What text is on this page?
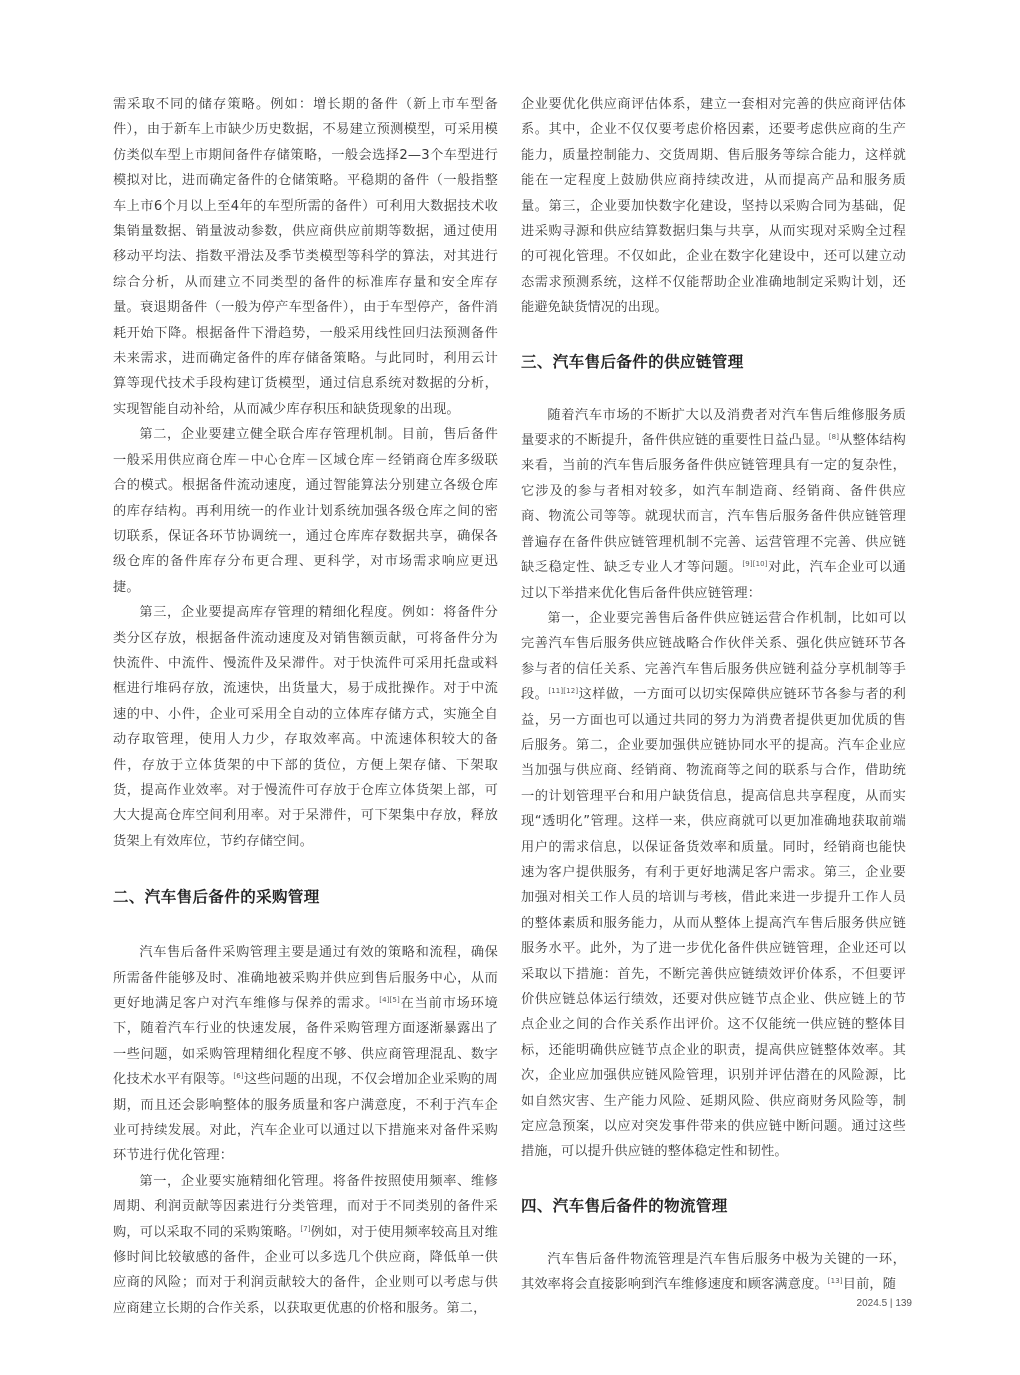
需采取不同的储存策略。例如：增长期的备件（新上市车型备件），由于新车上市缺少历史数据，不易建立预测模型，可采用模仿类似车型上市期间备件存储策略，一般会选择2—3个车型进行模拟对比，进而确定备件的仓储策略。平稳期的备件（一般指整车上市6个月以上至4年的车型所需的备件）可利用大数据技术收集销量数据、销量波动参数，供应商供应前期等数据，通过使用移动平均法、指数平滑法及季节类模型等科学的算法，对其进行综合分析，从而建立不同类型的备件的标准库存量和安全库存量。衰退期备件（一般为停产车型备件），由于车型停产，备件消耗开始下降。根据备件下滑趋势，一般采用线性回归法预测备件未来需求，进而确定备件的库存储备策略。与此同时，利用云计算等现代技术手段构建订货模型，通过信息系统对数据的分析，实现智能自动补给，从而减少库存积压和缺货现象的出现。

第二，企业要建立健全联合库存管理机制。目前，售后备件一般采用供应商仓库－中心仓库－区域仓库－经销商仓库多级联合的模式。根据备件流动速度，通过智能算法分别建立各级仓库的库存结构。再利用统一的作业计划系统加强各级仓库之间的密切联系，保证各环节协调统一，通过仓库库存数据共享，确保各级仓库的备件库存分布更合理、更科学，对市场需求响应更迅捷。

第三，企业要提高库存管理的精细化程度。例如：将备件分类分区存放，根据备件流动速度及对销售额贡献，可将备件分为快流件、中流件、慢流件及呆滞件。对于快流件可采用托盘或料框进行堆码存放，流速快，出货量大，易于成批操作。对于中流速的中、小件，企业可采用全自动的立体库存储方式，实施全自动存取管理，使用人力少，存取效率高。中流速体积较大的备件，存放于立体货架的中下部的货位，方便上架存储、下架取货，提高作业效率。对于慢流件可存放于仓库立体货架上部，可大大提高仓库空间利用率。对于呆滞件，可下架集中存放，释放货架上有效库位，节约存储空间。

二、汽车售后备件的采购管理

汽车售后备件采购管理主要是通过有效的策略和流程，确保所需备件能够及时、准确地被采购并供应到售后服务中心，从而更好地满足客户对汽车维修与保养的需求。[4][5]在当前市场环境下，随着汽车行业的快速发展，备件采购管理方面逐渐暴露出了一些问题，如采购管理精细化程度不够、供应商管理混乱、数字化技术水平有限等。[6]这些问题的出现，不仅会增加企业采购的周期，而且还会影响整体的服务质量和客户满意度，不利于汽车企业可持续发展。对此，汽车企业可以通过以下措施来对备件采购环节进行优化管理：

第一，企业要实施精细化管理。将备件按照使用频率、维修周期、利润贡献等因素进行分类管理，而对于不同类别的备件采购，可以采取不同的采购策略。[7]例如，对于使用频率较高且对维修时间比较敏感的备件，企业可以多选几个供应商，降低单一供应商的风险；而对于利润贡献较大的备件，企业则可以考虑与供应商建立长期的合作关系，以获取更优惠的价格和服务。第二，

企业要优化供应商评估体系，建立一套相对完善的供应商评估体系。其中，企业不仅仅要考虑价格因素，还要考虑供应商的生产能力，质量控制能力、交货周期、售后服务等综合能力，这样就能在一定程度上鼓励供应商持续改进，从而提高产品和服务质量。第三，企业要加快数字化建设，坚持以采购合同为基础，促进采购寻源和供应结算数据归集与共享，从而实现对采购全过程的可视化管理。不仅如此，企业在数字化建设中，还可以建立动态需求预测系统，这样不仅能帮助企业准确地制定采购计划，还能避免缺货情况的出现。

三、汽车售后备件的供应链管理

随着汽车市场的不断扩大以及消费者对汽车售后维修服务质量要求的不断提升，备件供应链的重要性日益凸显。[8]从整体结构来看，当前的汽车售后服务备件供应链管理具有一定的复杂性，它涉及的参与者相对较多，如汽车制造商、经销商、备件供应商、物流公司等等。就现状而言，汽车售后服务备件供应链管理普遍存在备件供应链管理机制不完善、运营管理不完善、供应链缺乏稳定性、缺乏专业人才等问题。[9][10]对此，汽车企业可以通过以下举措来优化售后备件供应链管理：

第一，企业要完善售后备件供应链运营合作机制，比如可以完善汽车售后服务供应链战略合作伙伴关系、强化供应链环节各参与者的信任关系、完善汽车售后服务供应链利益分享机制等手段。[11][12]这样做，一方面可以切实保障供应链环节各参与者的利益，另一方面也可以通过共同的努力为消费者提供更加优质的售后服务。第二，企业要加强供应链协同水平的提高。汽车企业应当加强与供应商、经销商、物流商等之间的联系与合作，借助统一的计划管理平台和用户缺货信息，提高信息共享程度，从而实现“透明化”管理。这样一来，供应商就可以更加准确地获取前端用户的需求信息，以保证备货效率和质量。同时，经销商也能快速为客户提供服务，有利于更好地满足客户需求。第三，企业要加强对相关工作人员的培训与考核，借此来进一步提升工作人员的整体素质和服务能力，从而从整体上提高汽车售后服务供应链服务水平。此外，为了进一步优化备件供应链管理，企业还可以采取以下措施：首先，不断完善供应链绩效评价体系，不但要评价供应链总体运行绩效，还要对供应链节点企业、供应链上的节点企业之间的合作关系作出评价。这不仅能统一供应链的整体目标，还能明确供应链节点企业的职责，提高供应链整体效率。其次，企业应加强供应链风险管理，识别并评估潜在的风险源，比如自然灾害、生产能力风险、延期风险、供应商财务风险等，制定应急预案，以应对突发事件带来的供应链中断问题。通过这些措施，可以提升供应链的整体稳定性和韧性。

四、汽车售后备件的物流管理

汽车售后备件物流管理是汽车售后服务中极为关键的一环，其效率将会直接影响到汽车维修速度和顾客满意度。[13]目前，随

2024.5 | 139
